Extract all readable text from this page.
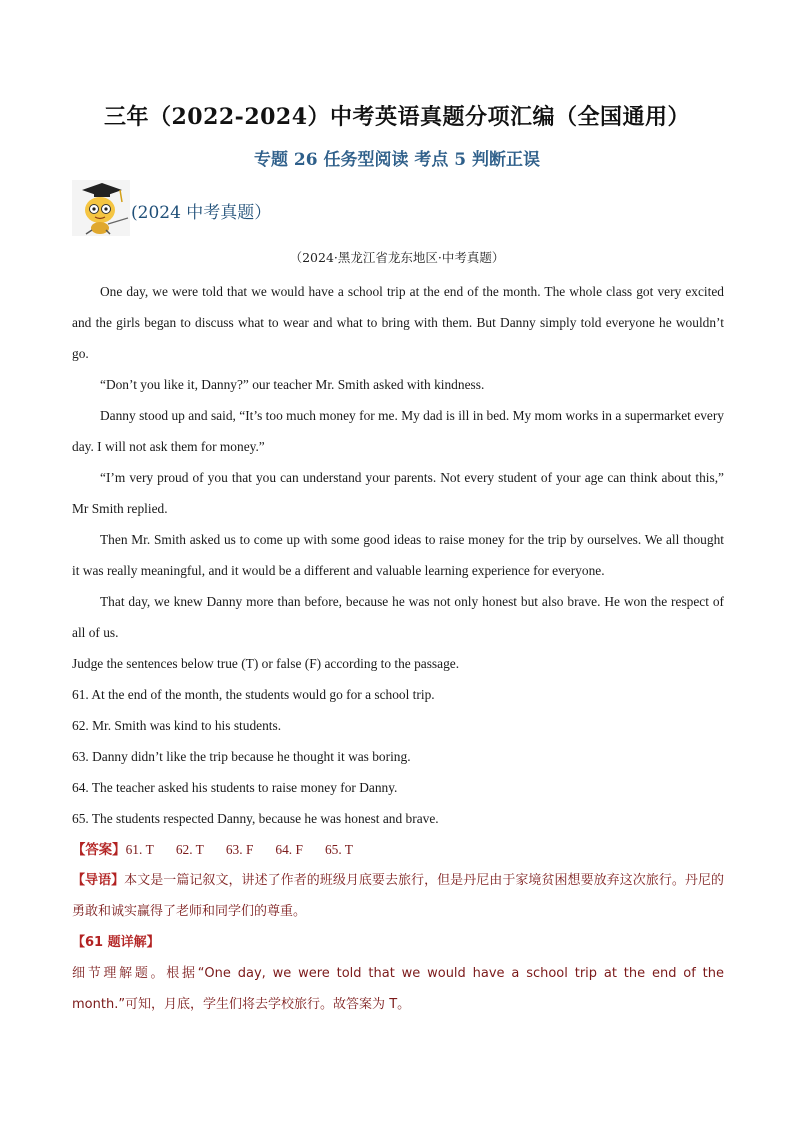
三年（2022-2024）中考英语真题分项汇编（全国通用）
专题 26 任务型阅读 考点 5 判断正误
(2024 中考真题）
（2024·黑龙江省龙东地区·中考真题）

One day, we were told that we would have a school trip at the end of the month. The whole class got very excited and the girls began to discuss what to wear and what to bring with them. But Danny simply told everyone he wouldn’t go.

“Don’t you like it, Danny?” our teacher Mr. Smith asked with kindness.

Danny stood up and said, “It’s too much money for me. My dad is ill in bed. My mom works in a supermarket every day. I will not ask them for money.”

“I’m very proud of you that you can understand your parents. Not every student of your age can think about this,” Mr Smith replied.

Then Mr. Smith asked us to come up with some good ideas to raise money for the trip by ourselves. We all thought it was really meaningful, and it would be a different and valuable learning experience for everyone.

That day, we knew Danny more than before, because he was not only honest but also brave. He won the respect of all of us.

Judge the sentences below true (T) or false (F) according to the passage.

61. At the end of the month, the students would go for a school trip.

62. Mr. Smith was kind to his students.

63. Danny didn’t like the trip because he thought it was boring.

64. The teacher asked his students to raise money for Danny.

65. The students respected Danny, because he was honest and brave.

【答案】61. T 62. T 63. F 64. F 65. T

【导语】本文是一篇记叙文，讲述了作者的班级月底要去旅行，但是丹尼由于家境贫困想要放弃这次旅行。丹尼的勇敢和诚实赢得了老师和同学们的尊重。

【61 题详解】

细节理解题。根据“One day, we were told that we would have a school trip at the end of the month.”可知，月底，学生们将去学校旅行。故答案为 T。
